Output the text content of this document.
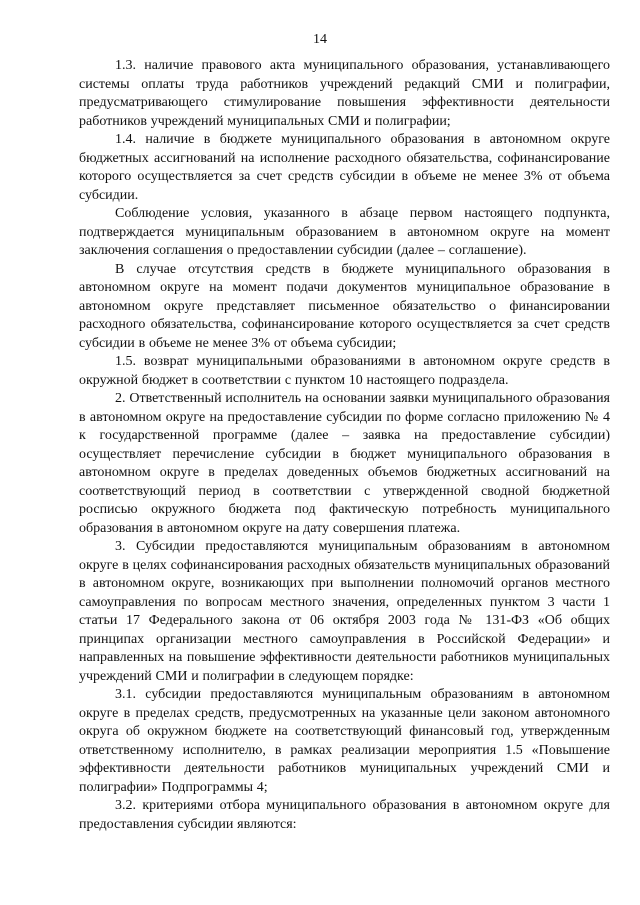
14

1.3. наличие правового акта муниципального образования, устанавливающего системы оплаты труда работников учреждений редакций СМИ и полиграфии, предусматривающего стимулирование повышения эффективности деятельности работников учреждений муниципальных СМИ и полиграфии;

1.4. наличие в бюджете муниципального образования в автономном округе бюджетных ассигнований на исполнение расходного обязательства, софинансирование которого осуществляется за счет средств субсидии в объеме не менее 3% от объема субсидии.

Соблюдение условия, указанного в абзаце первом настоящего подпункта, подтверждается муниципальным образованием в автономном округе на момент заключения соглашения о предоставлении субсидии (далее – соглашение).

В случае отсутствия средств в бюджете муниципального образования в автономном округе на момент подачи документов муниципальное образование в автономном округе представляет письменное обязательство о финансировании расходного обязательства, софинансирование которого осуществляется за счет средств субсидии в объеме не менее 3% от объема субсидии;

1.5. возврат муниципальными образованиями в автономном округе средств в окружной бюджет в соответствии с пунктом 10 настоящего подраздела.

2. Ответственный исполнитель на основании заявки муниципального образования в автономном округе на предоставление субсидии по форме согласно приложению № 4 к государственной программе (далее – заявка на предоставление субсидии) осуществляет перечисление субсидии в бюджет муниципального образования в автономном округе в пределах доведенных объемов бюджетных ассигнований на соответствующий период в соответствии с утвержденной сводной бюджетной росписью окружного бюджета под фактическую потребность муниципального образования в автономном округе на дату совершения платежа.

3. Субсидии предоставляются муниципальным образованиям в автономном округе в целях софинансирования расходных обязательств муниципальных образований в автономном округе, возникающих при выполнении полномочий органов местного самоуправления по вопросам местного значения, определенных пунктом 3 части 1 статьи 17 Федерального закона от 06 октября 2003 года № 131-ФЗ «Об общих принципах организации местного самоуправления в Российской Федерации» и направленных на повышение эффективности деятельности работников муниципальных учреждений СМИ и полиграфии в следующем порядке:

3.1. субсидии предоставляются муниципальным образованиям в автономном округе в пределах средств, предусмотренных на указанные цели законом автономного округа об окружном бюджете на соответствующий финансовый год, утвержденным ответственному исполнителю, в рамках реализации мероприятия 1.5 «Повышение эффективности деятельности работников муниципальных учреждений СМИ и полиграфии» Подпрограммы 4;

3.2. критериями отбора муниципального образования в автономном округе для предоставления субсидии являются:
